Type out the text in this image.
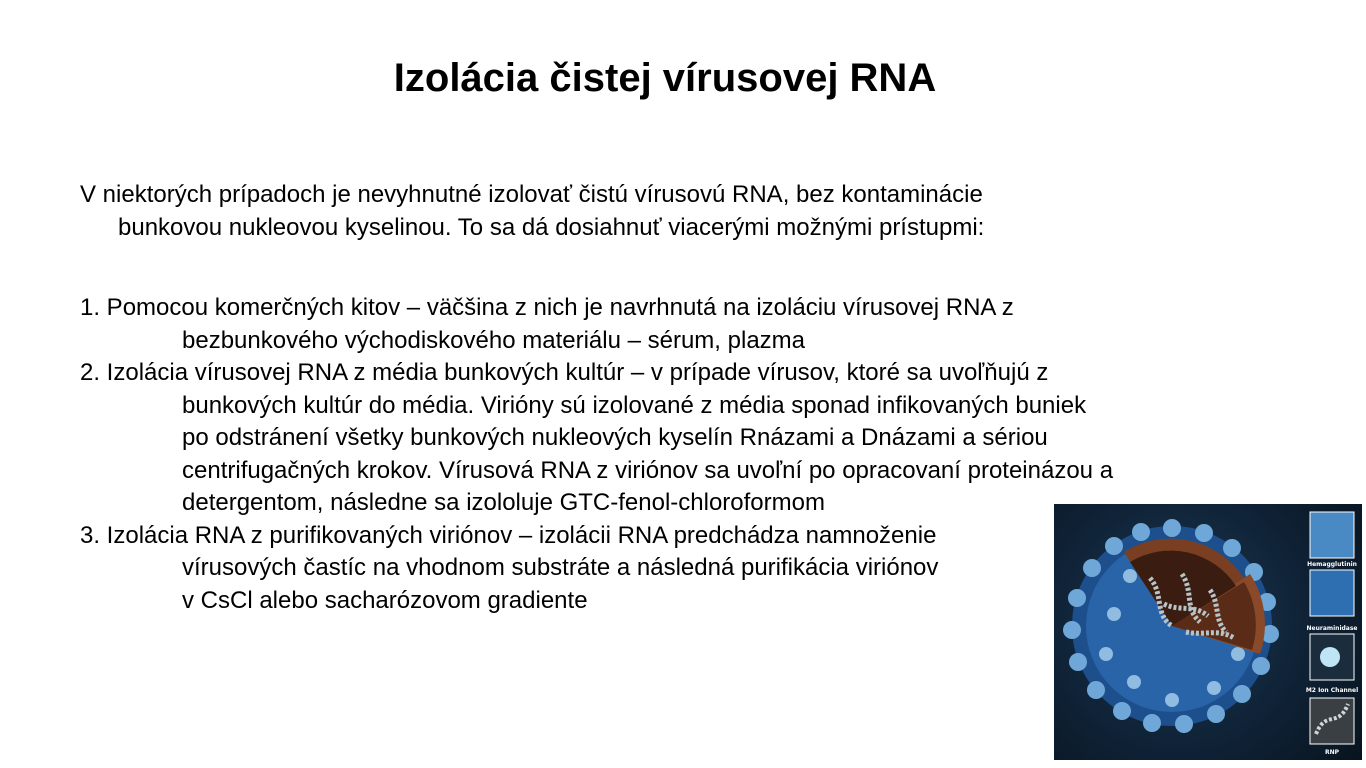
Izolácia čistej vírusovej RNA
V niektorých prípadoch je nevyhnutné izolovať čistú vírusovú RNA, bez kontaminácie
bunkovou nukleovou kyselinou. To sa dá dosiahnuť viacerými možnými prístupmi:
1. Pomocou komerčných kitov – väčšina z nich je navrhnutá na izoláciu vírusovej RNA z
bezbunkového východiskového materiálu – sérum, plazma
2. Izolácia vírusovej RNA z média bunkových kultúr – v prípade vírusov, ktoré sa uvoľňujú z
bunkových kultúr do média. Virióny sú izolované z média sponad infikovaných buniek
po odstránení všetky bunkových nukleových kyselín Rnázami a Dnázami a sériou
centrifugačných krokov. Vírusová RNA z viriónov sa uvoľní po opracovaní proteinázou a
detergentom, následne sa izololuje GTC-fenol-chloroformom
3. Izolácia RNA z purifikovaných viriónov – izolácii RNA predchádza namnoženie
vírusových častíc na vhodnom substráte a následná purifikácia viriónov
v CsCl alebo sacharózovom gradiente
Hemagglutinin
Neuraminidase
M2 Ion Channel
RNP
